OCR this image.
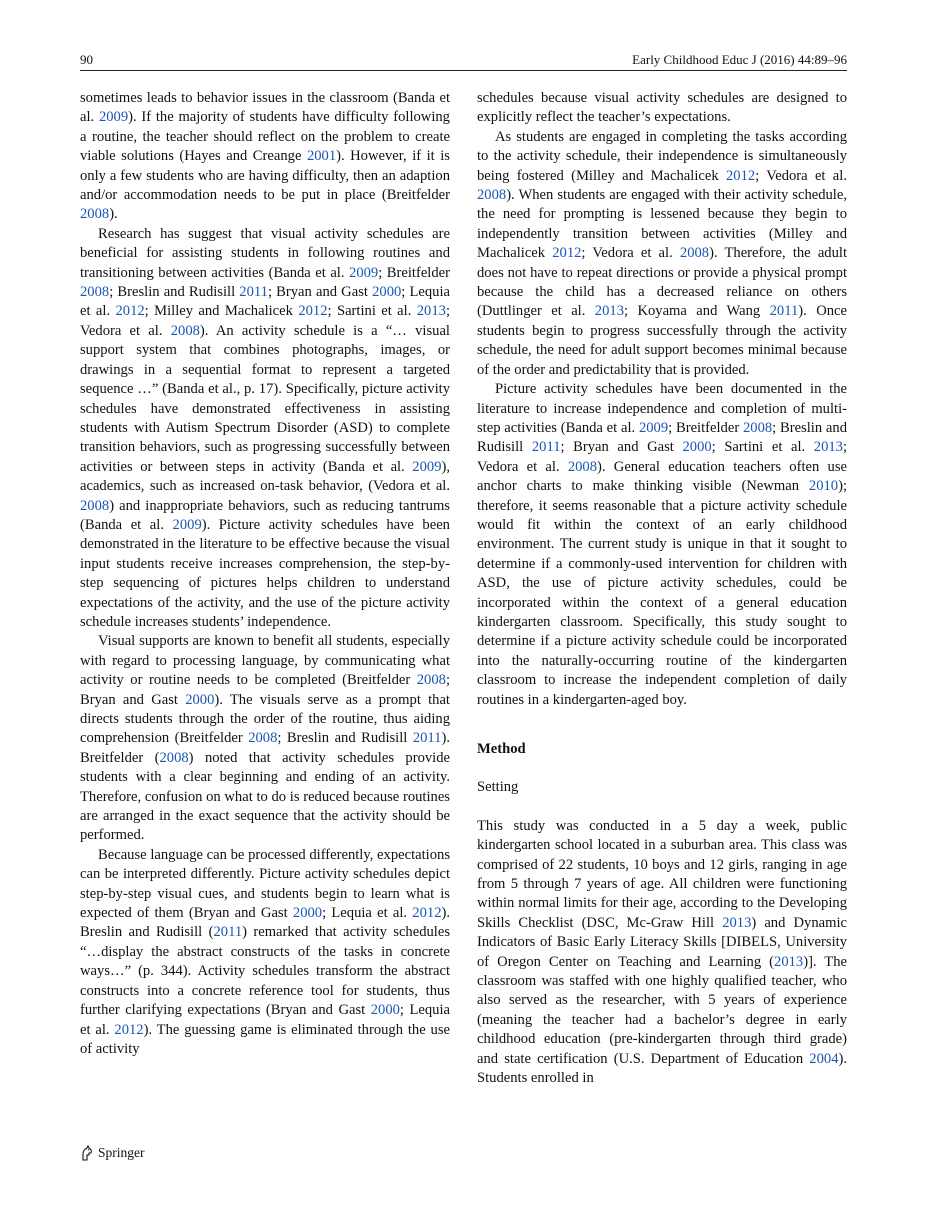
90	Early Childhood Educ J (2016) 44:89–96

sometimes leads to behavior issues in the classroom (Banda et al. 2009). If the majority of students have difficulty following a routine, the teacher should reflect on the problem to create viable solutions (Hayes and Creange 2001). However, if it is only a few students who are having difficulty, then an adaption and/or accommodation needs to be put in place (Breitfelder 2008).

Research has suggest that visual activity schedules are beneficial for assisting students in following routines and transitioning between activities (Banda et al. 2009; Breitfelder 2008; Breslin and Rudisill 2011; Bryan and Gast 2000; Lequia et al. 2012; Milley and Machalicek 2012; Sartini et al. 2013; Vedora et al. 2008). An activity schedule is a “… visual support system that combines photographs, images, or drawings in a sequential format to represent a targeted sequence …” (Banda et al., p. 17). Specifically, picture activity schedules have demonstrated effectiveness in assisting students with Autism Spectrum Disorder (ASD) to complete transition behaviors, such as progressing successfully between activities or between steps in activity (Banda et al. 2009), academics, such as increased on-task behavior, (Vedora et al. 2008) and inappropriate behaviors, such as reducing tantrums (Banda et al. 2009). Picture activity schedules have been demonstrated in the literature to be effective because the visual input students receive increases comprehension, the step-by-step sequencing of pictures helps children to understand expectations of the activity, and the use of the picture activity schedule increases students’ independence.

Visual supports are known to benefit all students, especially with regard to processing language, by communicating what activity or routine needs to be completed (Breitfelder 2008; Bryan and Gast 2000). The visuals serve as a prompt that directs students through the order of the routine, thus aiding comprehension (Breitfelder 2008; Breslin and Rudisill 2011). Breitfelder (2008) noted that activity schedules provide students with a clear beginning and ending of an activity. Therefore, confusion on what to do is reduced because routines are arranged in the exact sequence that the activity should be performed.

Because language can be processed differently, expectations can be interpreted differently. Picture activity schedules depict step-by-step visual cues, and students begin to learn what is expected of them (Bryan and Gast 2000; Lequia et al. 2012). Breslin and Rudisill (2011) remarked that activity schedules “…display the abstract constructs of the tasks in concrete ways…” (p. 344). Activity schedules transform the abstract constructs into a concrete reference tool for students, thus further clarifying expectations (Bryan and Gast 2000; Lequia et al. 2012). The guessing game is eliminated through the use of activity

schedules because visual activity schedules are designed to explicitly reflect the teacher’s expectations.

As students are engaged in completing the tasks according to the activity schedule, their independence is simultaneously being fostered (Milley and Machalicek 2012; Vedora et al. 2008). When students are engaged with their activity schedule, the need for prompting is lessened because they begin to independently transition between activities (Milley and Machalicek 2012; Vedora et al. 2008). Therefore, the adult does not have to repeat directions or provide a physical prompt because the child has a decreased reliance on others (Duttlinger et al. 2013; Koyama and Wang 2011). Once students begin to progress successfully through the activity schedule, the need for adult support becomes minimal because of the order and predictability that is provided.

Picture activity schedules have been documented in the literature to increase independence and completion of multi-step activities (Banda et al. 2009; Breitfelder 2008; Breslin and Rudisill 2011; Bryan and Gast 2000; Sartini et al. 2013; Vedora et al. 2008). General education teachers often use anchor charts to make thinking visible (Newman 2010); therefore, it seems reasonable that a picture activity schedule would fit within the context of an early childhood environment. The current study is unique in that it sought to determine if a commonly-used intervention for children with ASD, the use of picture activity schedules, could be incorporated within the context of a general education kindergarten classroom. Specifically, this study sought to determine if a picture activity schedule could be incorporated into the naturally-occurring routine of the kindergarten classroom to increase the independent completion of daily routines in a kindergarten-aged boy.

Method
Setting

This study was conducted in a 5 day a week, public kindergarten school located in a suburban area. This class was comprised of 22 students, 10 boys and 12 girls, ranging in age from 5 through 7 years of age. All children were functioning within normal limits for their age, according to the Developing Skills Checklist (DSC, Mc-Graw Hill 2013) and Dynamic Indicators of Basic Early Literacy Skills [DIBELS, University of Oregon Center on Teaching and Learning (2013)]. The classroom was staffed with one highly qualified teacher, who also served as the researcher, with 5 years of experience (meaning the teacher had a bachelor’s degree in early childhood education (pre-kindergarten through third grade) and state certification (U.S. Department of Education 2004). Students enrolled in

Springer
